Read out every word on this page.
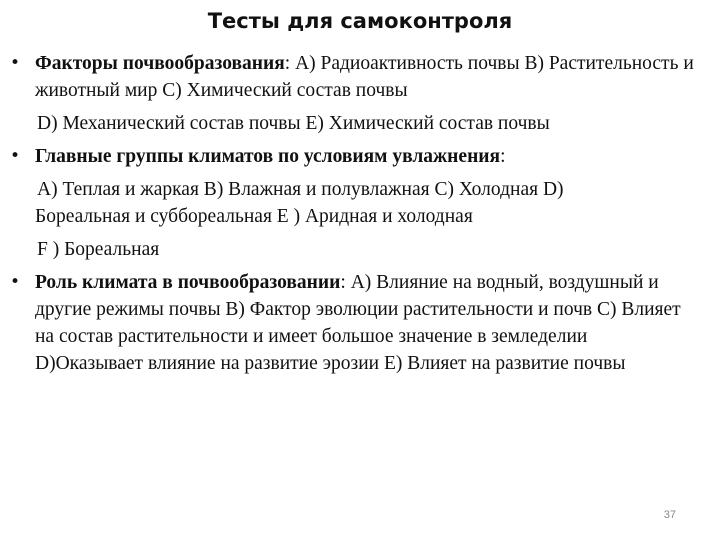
Тесты для самоконтроля
• Факторы почвообразования: A) Радиоактивность почвы B) Растительность и животный мир C) Химический состав почвы
D) Механический состав почвы E) Химический состав почвы
• Главные группы климатов по условиям увлажнения:
A) Теплая и жаркая B) Влажная и полувлажная C) Холодная D)
Бореальная и суббореальная E ) Аридная и холодная
F ) Бореальная
• Роль климата в почвообразовании: A) Влияние на водный, воздушный и другие режимы почвы B) Фактор эволюции растительности и почв C) Влияет на состав растительности и имеет большое значение в земледелии D)Оказывает влияние на развитие эрозии E) Влияет на развитие почвы
37
